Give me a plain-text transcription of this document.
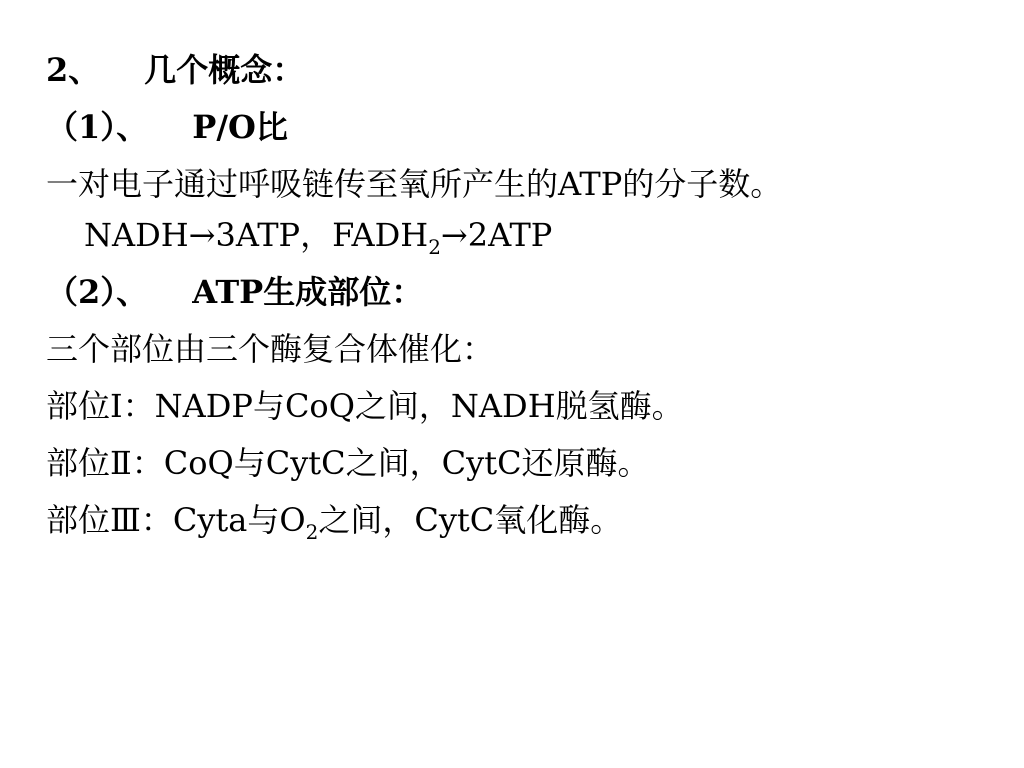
2、 几个概念：
（1）、 P/O比
一对电子通过呼吸链传至氧所产生的ATP的分子数。
NADH→3ATP，$FADH_2\to 2ATP$
（2）、 ATP生成部位：
三个部位由三个酶复合体催化：
部位Ⅰ：NADP与CoQ之间，NADH脱氢酶。
部位Ⅱ：CoQ与CytC之间，CytC还原酶。
部位Ⅲ：Cyta与$O_2$之间，CytC氧化酶。
